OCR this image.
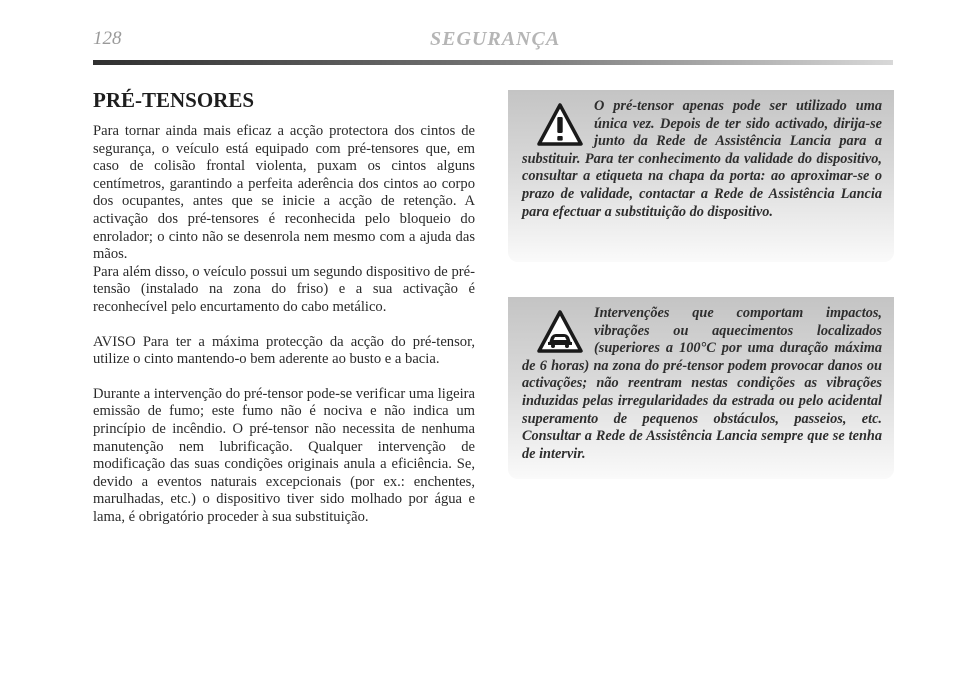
128	SEGURANÇA
PRÉ-TENSORES

Para tornar ainda mais eficaz a acção protectora dos cintos de segurança, o veículo está equipado com pré-tensores que, em caso de colisão frontal violenta, puxam os cintos alguns centímetros, garantindo a perfeita aderência dos cintos ao corpo dos ocupantes, antes que se inicie a acção de retenção. A activação dos pré-tensores é reconhecida pelo bloqueio do enrolador; o cinto não se desenrola nem mesmo com a ajuda das mãos.

Para além disso, o veículo possui um segundo dispositivo de pré-tensão (instalado na zona do friso) e a sua activação é reconhecível pelo encurtamento do cabo metálico.

AVISO Para ter a máxima protecção da acção do pré-tensor, utilize o cinto mantendo-o bem aderente ao busto e a bacia.

Durante a intervenção do pré-tensor pode-se verificar uma ligeira emissão de fumo; este fumo não é nociva e não indica um princípio de incêndio. O pré-tensor não necessita de nenhuma manutenção nem lubrificação. Qualquer intervenção de modificação das suas condições originais anula a eficiência. Se, devido a eventos naturais excepcionais (por ex.: enchentes, marulhadas, etc.) o dispositivo tiver sido molhado por água e lama, é obrigatório proceder à sua substituição.

O pré-tensor apenas pode ser utilizado uma única vez. Depois de ter sido activado, dirija-se junto da Rede de Assistência Lancia para a substituir. Para ter conhecimento da validade do dispositivo, consultar a etiqueta na chapa da porta: ao aproximar-se o prazo de validade, contactar a Rede de Assistência Lancia para efectuar a substituição do dispositivo.

Intervenções que comportam impactos, vibrações ou aquecimentos localizados (superiores a 100°C por uma duração máxima de 6 horas) na zona do pré-tensor podem provocar danos ou activações; não reentram nestas condições as vibrações induzidas pelas irregularidades da estrada ou pelo acidental superamento de pequenos obstáculos, passeios, etc. Consultar a Rede de Assistência Lancia sempre que se tenha de intervir.
